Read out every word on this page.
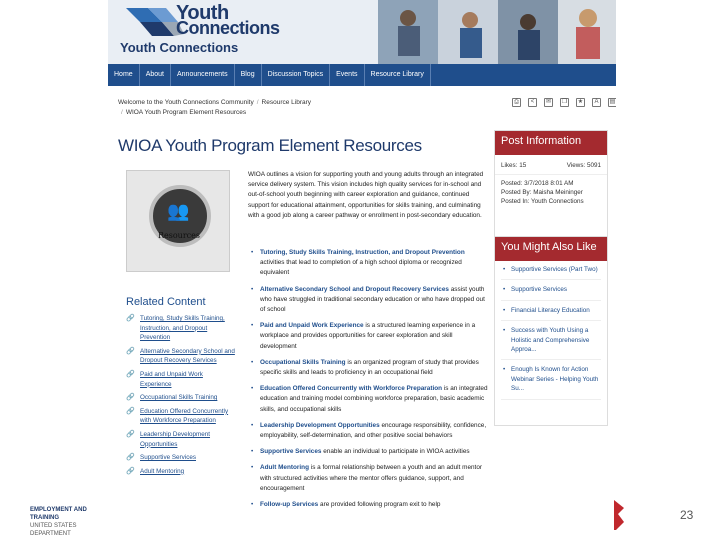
Youth
Connections
Youth Connections
Home	About	Announcements	Blog	Discussion Topics	Events	Resource Library
Welcome to the Youth Connections Community / Resource Library
/ WIOA Youth Program Element Resources
⎙	<	✉	❐	★	A	▤
WIOA Youth Program Element Resources
👥
Resources

WIOA outlines a vision for supporting youth and young adults through an integrated service delivery system. This vision includes high quality services for in-school and out-of-school youth beginning with career exploration and guidance, continued support for educational attainment, opportunities for skills training, and culminating with a good job along a career pathway or enrollment in post-secondary education.

• Tutoring, Study Skills Training, Instruction, and Dropout Prevention activities that lead to completion of a high school diploma or recognized equivalent
• Alternative Secondary School and Dropout Recovery Services assist youth who have struggled in traditional secondary education or who have dropped out of school
• Paid and Unpaid Work Experience is a structured learning experience in a workplace and provides opportunities for career exploration and skill development
• Occupational Skills Training is an organized program of study that provides specific skills and leads to proficiency in an occupational field
• Education Offered Concurrently with Workforce Preparation is an integrated education and training model combining workforce preparation, basic academic skills, and occupational skills
• Leadership Development Opportunities encourage responsibility, confidence, employability, self-determination, and other positive social behaviors
• Supportive Services enable an individual to participate in WIOA activities
• Adult Mentoring is a formal relationship between a youth and an adult mentor with structured activities where the mentor offers guidance, support, and encouragement
• Follow-up Services are provided following program exit to help
Related Content
🔗 Tutoring, Study Skills Training, Instruction, and Dropout Prevention
🔗 Alternative Secondary School and Dropout Recovery Services
🔗 Paid and Unpaid Work Experience
🔗 Occupational Skills Training
🔗 Education Offered Concurrently with Workforce Preparation
🔗 Leadership Development Opportunities
🔗 Supportive Services
🔗 Adult Mentoring
Post Information
Likes: 15	Views: 5091
Posted: 3/7/2018 8:01 AM
Posted By: Maisha Meininger
Posted In: Youth Connections
You Might Also Like
• Supportive Services (Part Two)
• Supportive Services
• Financial Literacy Education
• Success with Youth Using a Holistic and Comprehensive Approa...
• Enough Is Known for Action Webinar Series - Helping Youth Su...
EMPLOYMENT AND TRAINING
UNITED STATES DEPARTMENT
23
